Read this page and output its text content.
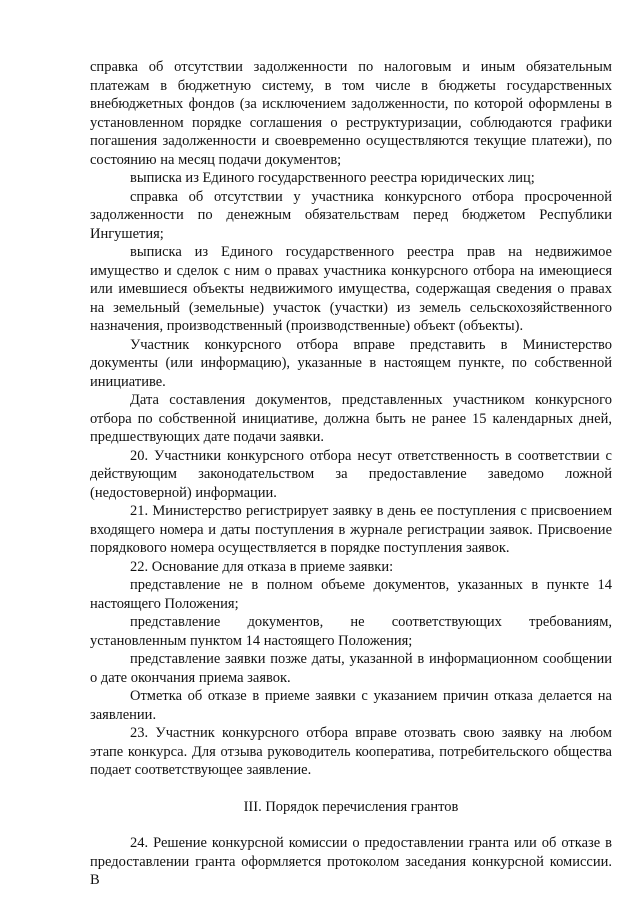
справка об отсутствии задолженности по налоговым и иным обязательным платежам в бюджетную систему, в том числе в бюджеты государственных внебюджетных фондов (за исключением задолженности, по которой оформлены в установленном порядке соглашения о реструктуризации, соблюдаются графики погашения задолженности и своевременно осуществляются текущие платежи), по состоянию на месяц подачи документов;

выписка из Единого государственного реестра юридических лиц;

справка об отсутствии у участника конкурсного отбора просроченной задолженности по денежным обязательствам перед бюджетом Республики Ингушетия;

выписка из Единого государственного реестра прав на недвижимое имущество и сделок с ним о правах участника конкурсного отбора на имеющиеся или имевшиеся объекты недвижимого имущества, содержащая сведения о правах на земельный (земельные) участок (участки) из земель сельскохозяйственного назначения, производственный (производственные) объект (объекты).

Участник конкурсного отбора вправе представить в Министерство документы (или информацию), указанные в настоящем пункте, по собственной инициативе.

Дата составления документов, представленных участником конкурсного отбора по собственной инициативе, должна быть не ранее 15 календарных дней, предшествующих дате подачи заявки.

20. Участники конкурсного отбора несут ответственность в соответствии с действующим законодательством за предоставление заведомо ложной (недостоверной) информации.

21. Министерство регистрирует заявку в день ее поступления с присвоением входящего номера и даты поступления в журнале регистрации заявок. Присвоение порядкового номера осуществляется в порядке поступления заявок.

22. Основание для отказа в приеме заявки:

представление не в полном объеме документов, указанных в пункте 14 настоящего Положения;

представление документов, не соответствующих требованиям, установленным пунктом 14 настоящего Положения;

представление заявки позже даты, указанной в информационном сообщении о дате окончания приема заявок.

Отметка об отказе в приеме заявки с указанием причин отказа делается на заявлении.

23. Участник конкурсного отбора вправе отозвать свою заявку на любом этапе конкурса. Для отзыва руководитель кооператива, потребительского общества подает соответствующее заявление.

III. Порядок перечисления грантов

24. Решение конкурсной комиссии о предоставлении гранта или об отказе в предоставлении гранта оформляется протоколом заседания конкурсной комиссии. В
